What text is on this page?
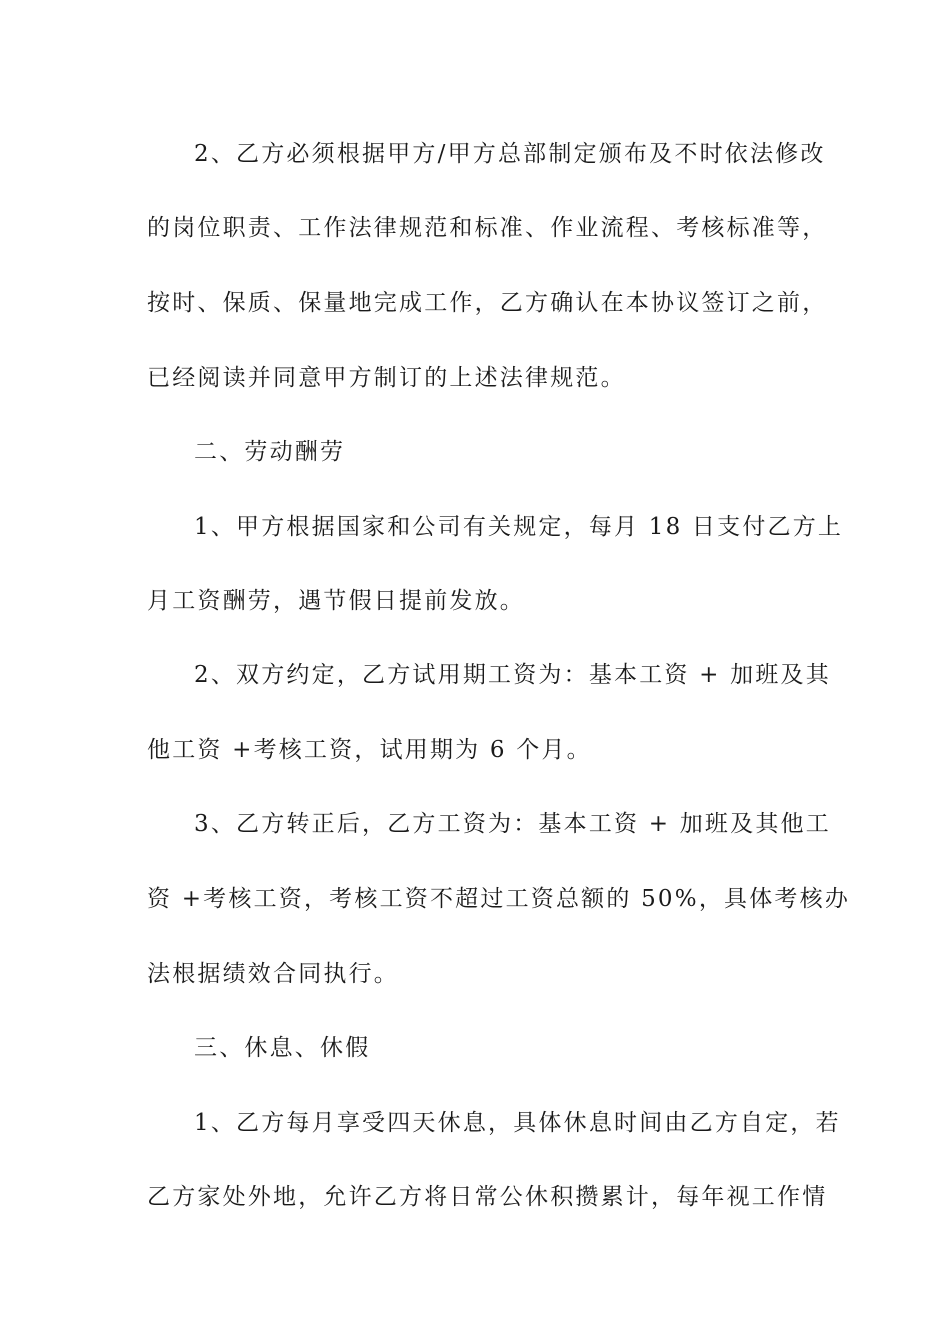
2、乙方必须根据甲方/甲方总部制定颁布及不时依法修改
的岗位职责、工作法律规范和标准、作业流程、考核标准等，
按时、保质、保量地完成工作，乙方确认在本协议签订之前，
已经阅读并同意甲方制订的上述法律规范。
二、劳动酬劳
1、甲方根据国家和公司有关规定，每月 18 日支付乙方上
月工资酬劳，遇节假日提前发放。
2、双方约定，乙方试用期工资为：基本工资 + 加班及其
他工资 +考核工资，试用期为 6 个月。
3、乙方转正后，乙方工资为：基本工资 + 加班及其他工
资 +考核工资，考核工资不超过工资总额的 50%，具体考核办
法根据绩效合同执行。
三、休息、休假
1、乙方每月享受四天休息，具体休息时间由乙方自定，若
乙方家处外地，允许乙方将日常公休积攒累计，每年视工作情
